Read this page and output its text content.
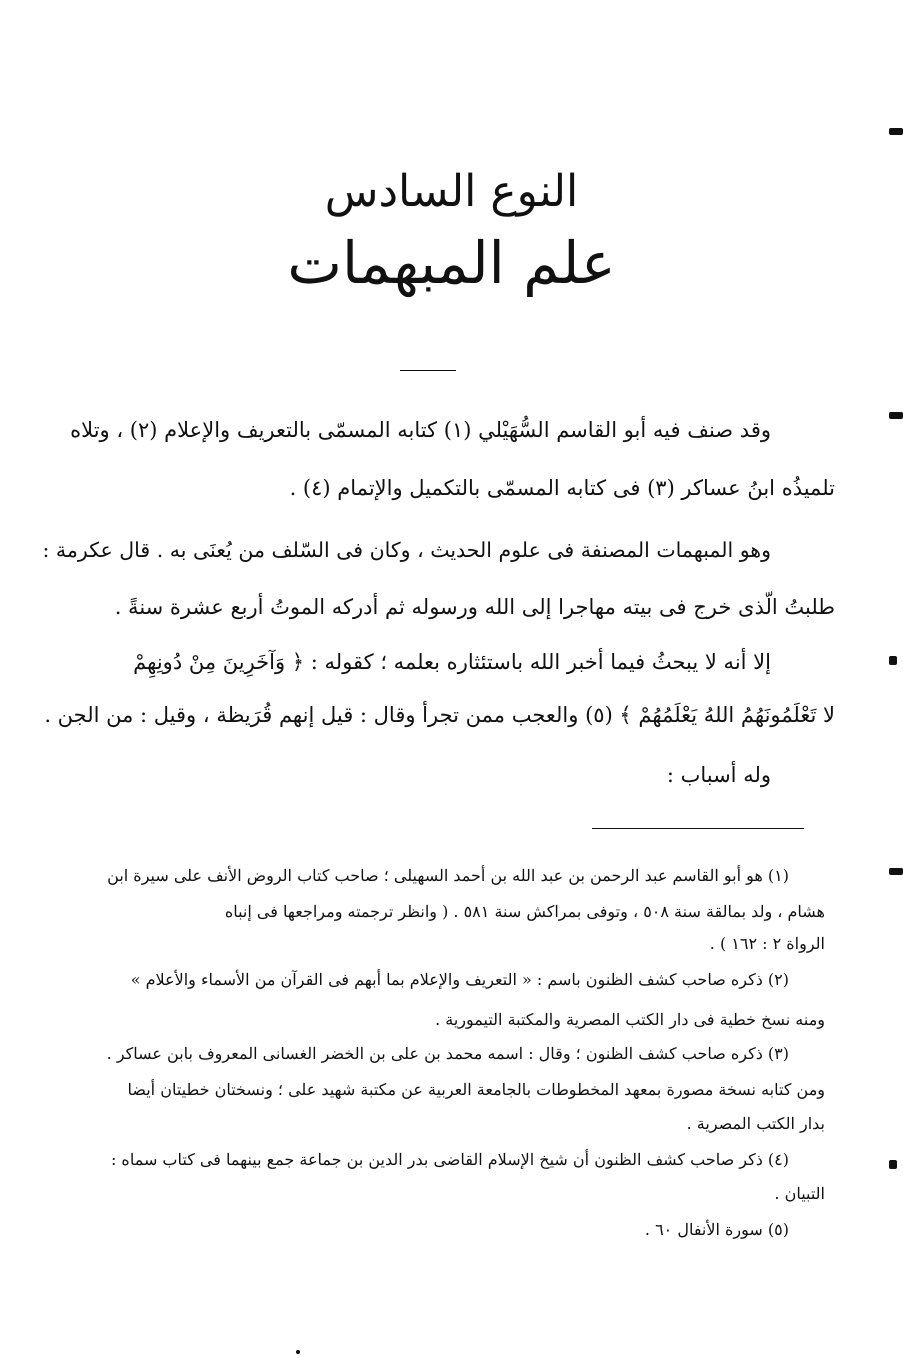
النوع السادس
علم المبهمات
وقد صنف فيه أبو القاسم السُّهَيْلي (١) كتابه المسمّى بالتعريف والإعلام (٢) ، وتلاه
تلميذُه ابنُ عساكر (٣) فى كتابه المسمّى بالتكميل والإتمام (٤) .
وهو المبهمات المصنفة فى علوم الحديث ، وكان فى السّلف من يُعنَى به . قال عكرمة :
طلبتُ الّذى خرج فى بيته مهاجرا إلى الله ورسوله ثم أدركه الموتُ أربع عشرة سنةً .
إلا أنه لا يبحثُ فيما أخبر الله باستئثاره بعلمه ؛ كقوله : ﴿ وَآخَرِينَ مِنْ دُونِهِمْ
لا تَعْلَمُونَهُمُ اللهُ يَعْلَمُهُمْ ﴾ (٥) والعجب ممن تجرأ وقال : قيل إنهم قُرَيظة ، وقيل : من الجن .
وله أسباب :
(١) هو أبو القاسم عبد الرحمن بن عبد الله بن أحمد السهيلى ؛ صاحب كتاب الروض الأنف على سيرة ابن
هشام ، ولد بمالقة سنة ٥٠٨ ، وتوفى بمراكش سنة ٥٨١ . ( وانظر ترجمته ومراجعها فى إنباه
الرواة ٢ : ١٦٢ ) .
(٢) ذكره صاحب كشف الظنون باسم : « التعريف والإعلام بما أبهم فى القرآن من الأسماء والأعلام »
ومنه نسخ خطية فى دار الكتب المصرية والمكتبة التيمورية .
(٣) ذكره صاحب كشف الظنون ؛ وقال : اسمه محمد بن على بن الخضر الغسانى المعروف بابن عساكر .
ومن كتابه نسخة مصورة بمعهد المخطوطات بالجامعة العربية عن مكتبة شهيد على ؛ ونسختان خطيتان أيضا
بدار الكتب المصرية .
(٤) ذكر صاحب كشف الظنون أن شيخ الإسلام القاضى بدر الدين بن جماعة جمع بينهما فى كتاب سماه :
التبيان .
(٥) سورة الأنفال ٦٠ .
